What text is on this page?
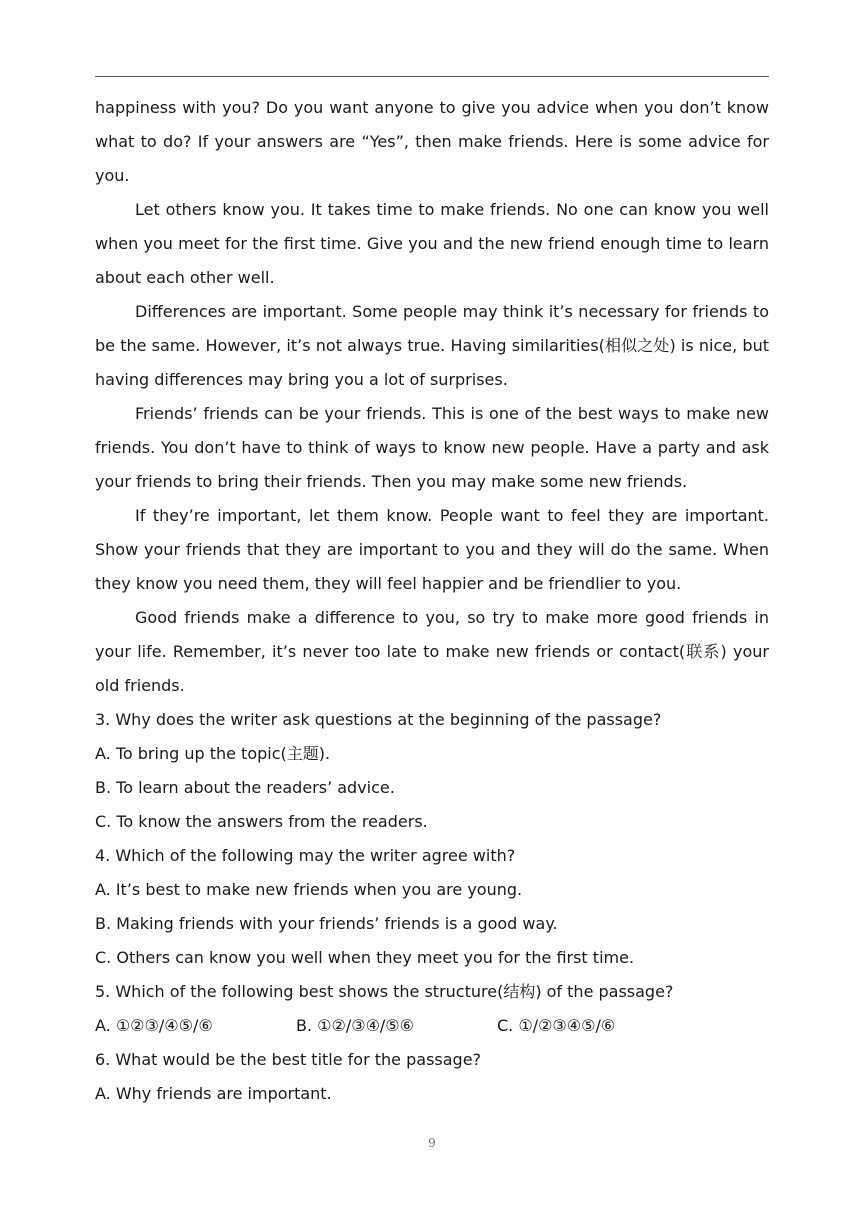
happiness with you? Do you want anyone to give you advice when you don’t know what to do? If your answers are “Yes”, then make friends. Here is some advice for you.

Let others know you. It takes time to make friends. No one can know you well when you meet for the first time. Give you and the new friend enough time to learn about each other well.

Differences are important. Some people may think it’s necessary for friends to be the same. However, it’s not always true. Having similarities(相似之处) is nice, but having differences may bring you a lot of surprises.

Friends’ friends can be your friends. This is one of the best ways to make new friends. You don’t have to think of ways to know new people. Have a party and ask your friends to bring their friends. Then you may make some new friends.

If they’re important, let them know. People want to feel they are important. Show your friends that they are important to you and they will do the same. When they know you need them, they will feel happier and be friendlier to you.

Good friends make a difference to you, so try to make more good friends in your life. Remember, it’s never too late to make new friends or contact(联系) your old friends.

3. Why does the writer ask questions at the beginning of the passage?

A. To bring up the topic(主题).

B. To learn about the readers’ advice.

C. To know the answers from the readers.

4. Which of the following may the writer agree with?

A. It’s best to make new friends when you are young.

B. Making friends with your friends’ friends is a good way.

C. Others can know you well when they meet you for the first time.

5. Which of the following best shows the structure(结构) of the passage?

A. ①②③/④⑤/⑥	B. ①②/③④/⑤⑥	C. ①/②③④⑤/⑥

6. What would be the best title for the passage?

A. Why friends are important.

9
